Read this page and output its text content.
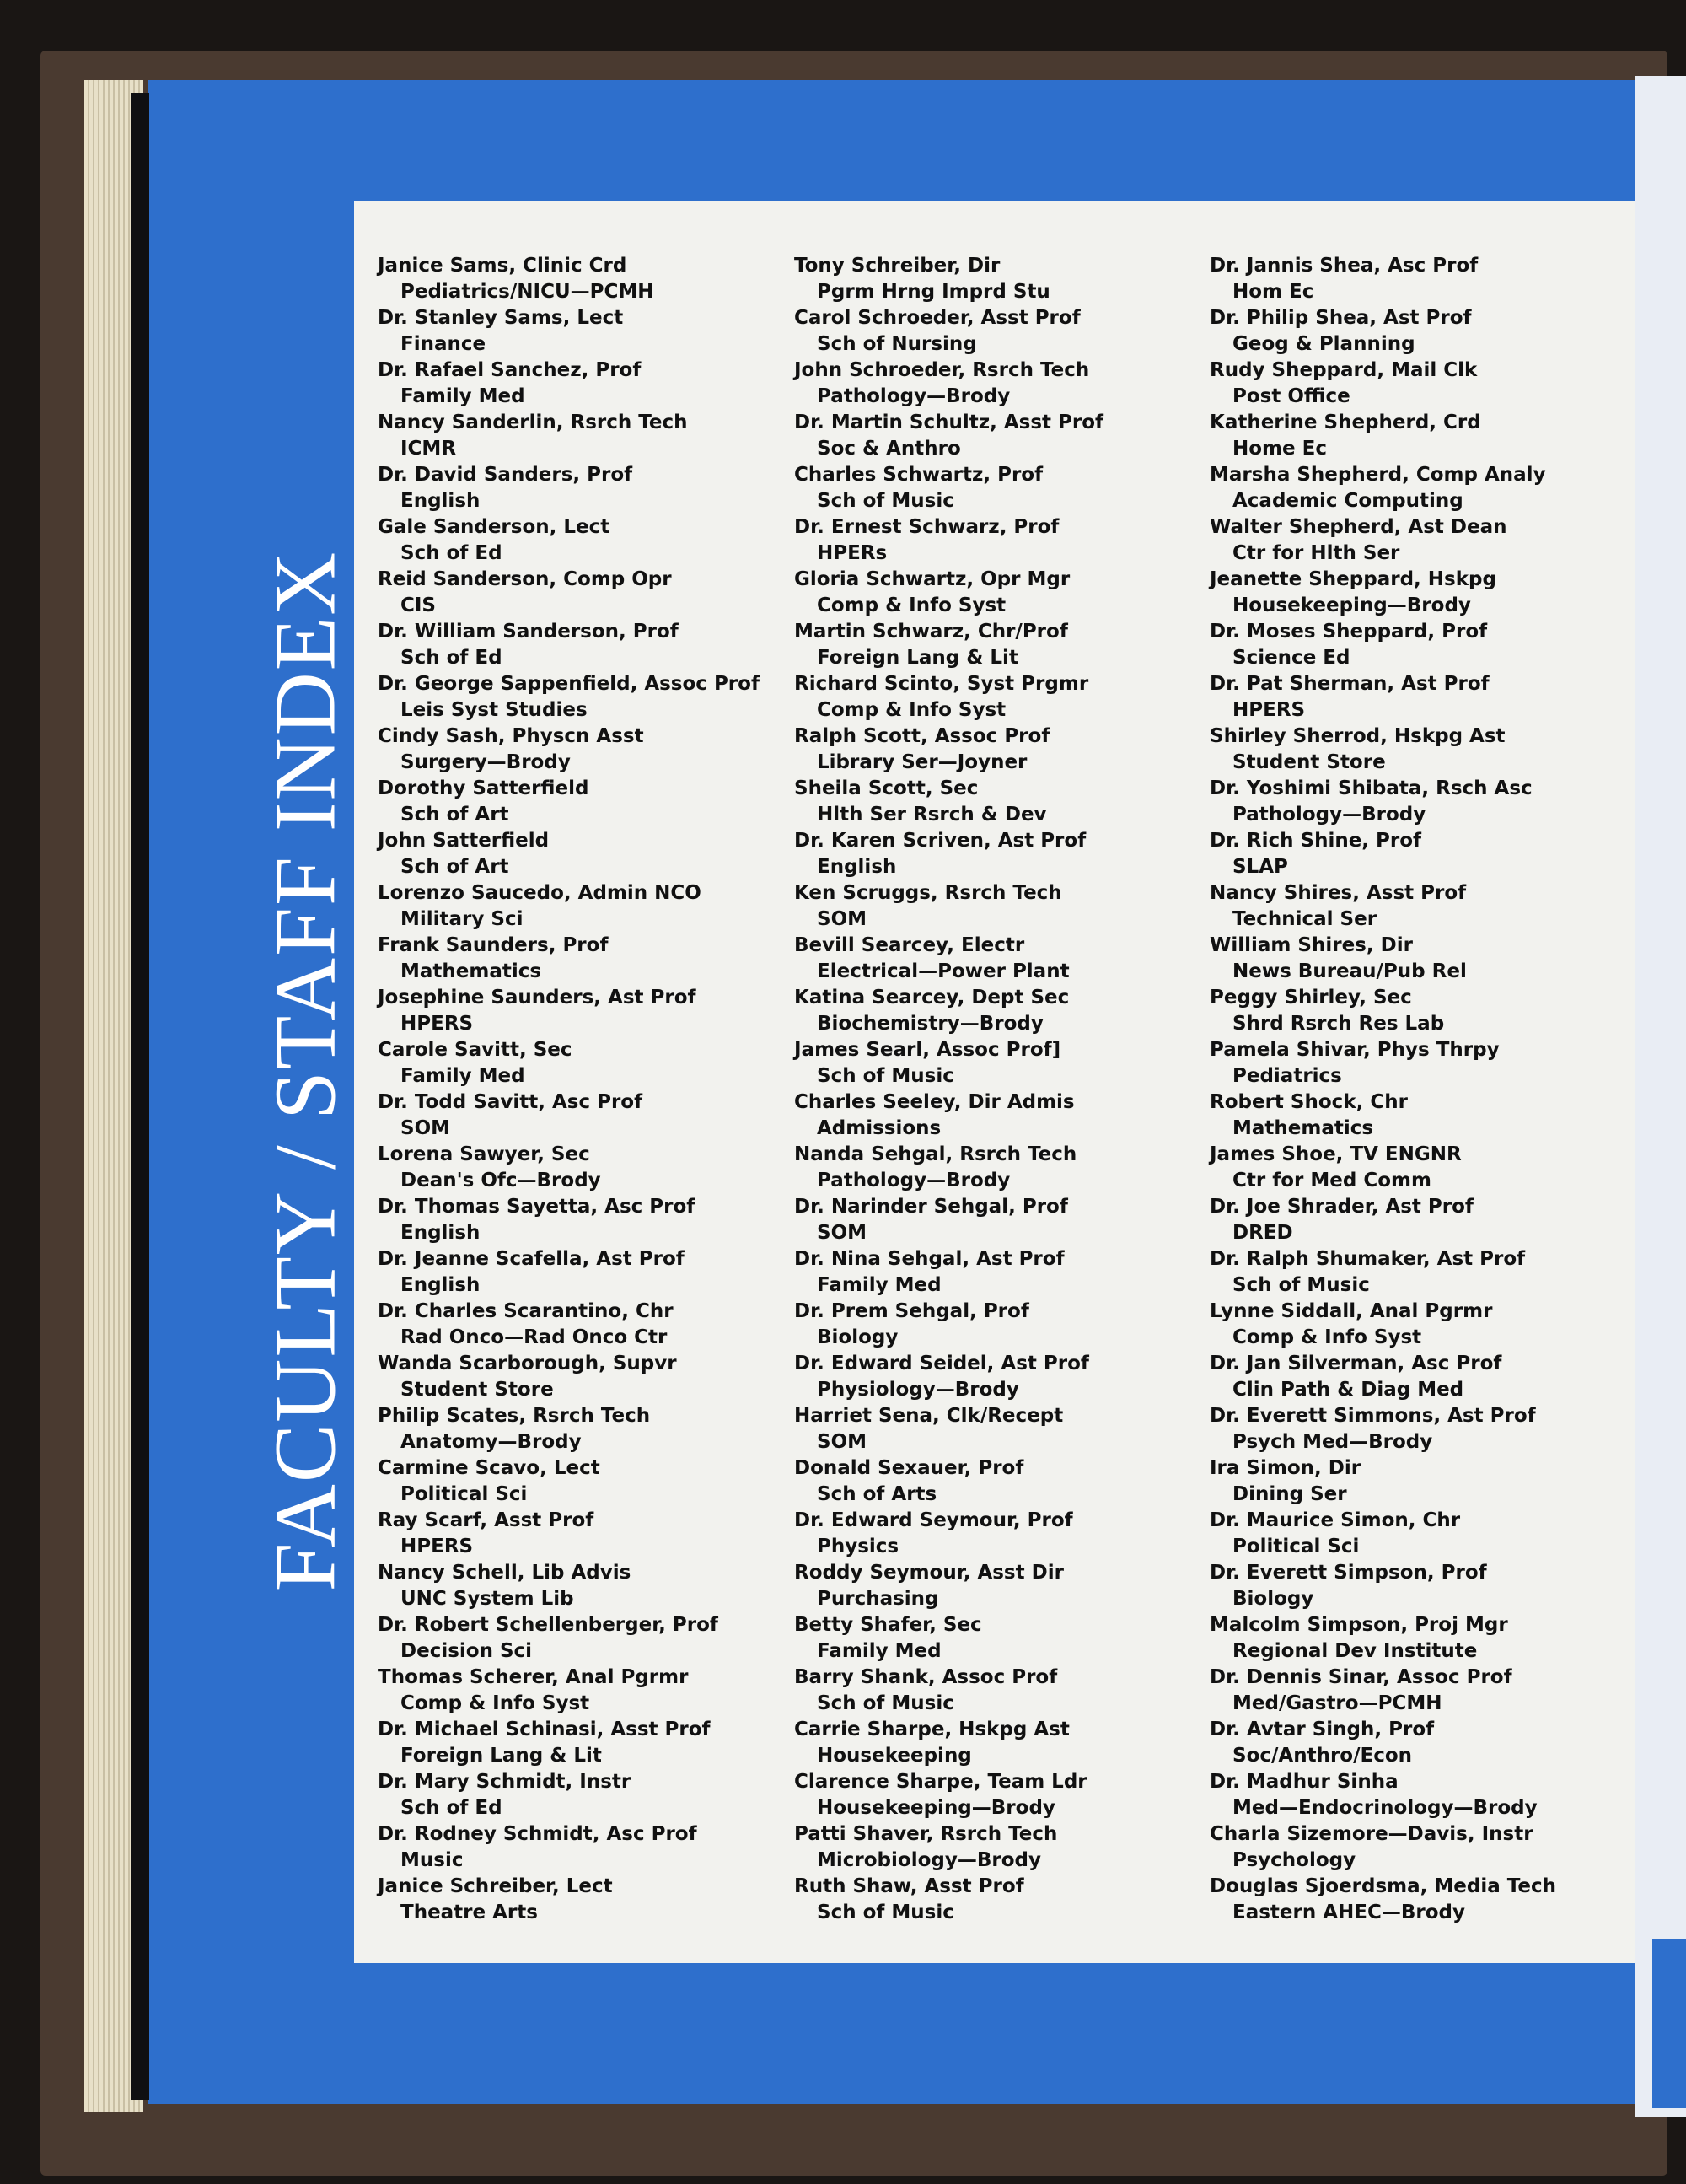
FACULTY / STAFF INDEX
Janice Sams, Clinic Crd
Pediatrics/NICU—PCMH
Dr. Stanley Sams, Lect
Finance
Dr. Rafael Sanchez, Prof
Family Med
Nancy Sanderlin, Rsrch Tech
ICMR
Dr. David Sanders, Prof
English
Gale Sanderson, Lect
Sch of Ed
Reid Sanderson, Comp Opr
CIS
Dr. William Sanderson, Prof
Sch of Ed
Dr. George Sappenfield, Assoc Prof
Leis Syst Studies
Cindy Sash, Physcn Asst
Surgery—Brody
Dorothy Satterfield
Sch of Art
John Satterfield
Sch of Art
Lorenzo Saucedo, Admin NCO
Military Sci
Frank Saunders, Prof
Mathematics
Josephine Saunders, Ast Prof
HPERS
Carole Savitt, Sec
Family Med
Dr. Todd Savitt, Asc Prof
SOM
Lorena Sawyer, Sec
Dean's Ofc—Brody
Dr. Thomas Sayetta, Asc Prof
English
Dr. Jeanne Scafella, Ast Prof
English
Dr. Charles Scarantino, Chr
Rad Onco—Rad Onco Ctr
Wanda Scarborough, Supvr
Student Store
Philip Scates, Rsrch Tech
Anatomy—Brody
Carmine Scavo, Lect
Political Sci
Ray Scarf, Asst Prof
HPERS
Nancy Schell, Lib Advis
UNC System Lib
Dr. Robert Schellenberger, Prof
Decision Sci
Thomas Scherer, Anal Pgrmr
Comp & Info Syst
Dr. Michael Schinasi, Asst Prof
Foreign Lang & Lit
Dr. Mary Schmidt, Instr
Sch of Ed
Dr. Rodney Schmidt, Asc Prof
Music
Janice Schreiber, Lect
Theatre Arts
Tony Schreiber, Dir
Pgrm Hrng Imprd Stu
Carol Schroeder, Asst Prof
Sch of Nursing
John Schroeder, Rsrch Tech
Pathology—Brody
Dr. Martin Schultz, Asst Prof
Soc & Anthro
Charles Schwartz, Prof
Sch of Music
Dr. Ernest Schwarz, Prof
HPERs
Gloria Schwartz, Opr Mgr
Comp & Info Syst
Martin Schwarz, Chr/Prof
Foreign Lang & Lit
Richard Scinto, Syst Prgmr
Comp & Info Syst
Ralph Scott, Assoc Prof
Library Ser—Joyner
Sheila Scott, Sec
Hlth Ser Rsrch & Dev
Dr. Karen Scriven, Ast Prof
English
Ken Scruggs, Rsrch Tech
SOM
Bevill Searcey, Electr
Electrical—Power Plant
Katina Searcey, Dept Sec
Biochemistry—Brody
James Searl, Assoc Prof]
Sch of Music
Charles Seeley, Dir Admis
Admissions
Nanda Sehgal, Rsrch Tech
Pathology—Brody
Dr. Narinder Sehgal, Prof
SOM
Dr. Nina Sehgal, Ast Prof
Family Med
Dr. Prem Sehgal, Prof
Biology
Dr. Edward Seidel, Ast Prof
Physiology—Brody
Harriet Sena, Clk/Recept
SOM
Donald Sexauer, Prof
Sch of Arts
Dr. Edward Seymour, Prof
Physics
Roddy Seymour, Asst Dir
Purchasing
Betty Shafer, Sec
Family Med
Barry Shank, Assoc Prof
Sch of Music
Carrie Sharpe, Hskpg Ast
Housekeeping
Clarence Sharpe, Team Ldr
Housekeeping—Brody
Patti Shaver, Rsrch Tech
Microbiology—Brody
Ruth Shaw, Asst Prof
Sch of Music
Dr. Jannis Shea, Asc Prof
Hom Ec
Dr. Philip Shea, Ast Prof
Geog & Planning
Rudy Sheppard, Mail Clk
Post Office
Katherine Shepherd, Crd
Home Ec
Marsha Shepherd, Comp Analy
Academic Computing
Walter Shepherd, Ast Dean
Ctr for Hlth Ser
Jeanette Sheppard, Hskpg
Housekeeping—Brody
Dr. Moses Sheppard, Prof
Science Ed
Dr. Pat Sherman, Ast Prof
HPERS
Shirley Sherrod, Hskpg Ast
Student Store
Dr. Yoshimi Shibata, Rsch Asc
Pathology—Brody
Dr. Rich Shine, Prof
SLAP
Nancy Shires, Asst Prof
Technical Ser
William Shires, Dir
News Bureau/Pub Rel
Peggy Shirley, Sec
Shrd Rsrch Res Lab
Pamela Shivar, Phys Thrpy
Pediatrics
Robert Shock, Chr
Mathematics
James Shoe, TV ENGNR
Ctr for Med Comm
Dr. Joe Shrader, Ast Prof
DRED
Dr. Ralph Shumaker, Ast Prof
Sch of Music
Lynne Siddall, Anal Pgrmr
Comp & Info Syst
Dr. Jan Silverman, Asc Prof
Clin Path & Diag Med
Dr. Everett Simmons, Ast Prof
Psych Med—Brody
Ira Simon, Dir
Dining Ser
Dr. Maurice Simon, Chr
Political Sci
Dr. Everett Simpson, Prof
Biology
Malcolm Simpson, Proj Mgr
Regional Dev Institute
Dr. Dennis Sinar, Assoc Prof
Med/Gastro—PCMH
Dr. Avtar Singh, Prof
Soc/Anthro/Econ
Dr. Madhur Sinha
Med—Endocrinology—Brody
Charla Sizemore—Davis, Instr
Psychology
Douglas Sjoerdsma, Media Tech
Eastern AHEC—Brody
